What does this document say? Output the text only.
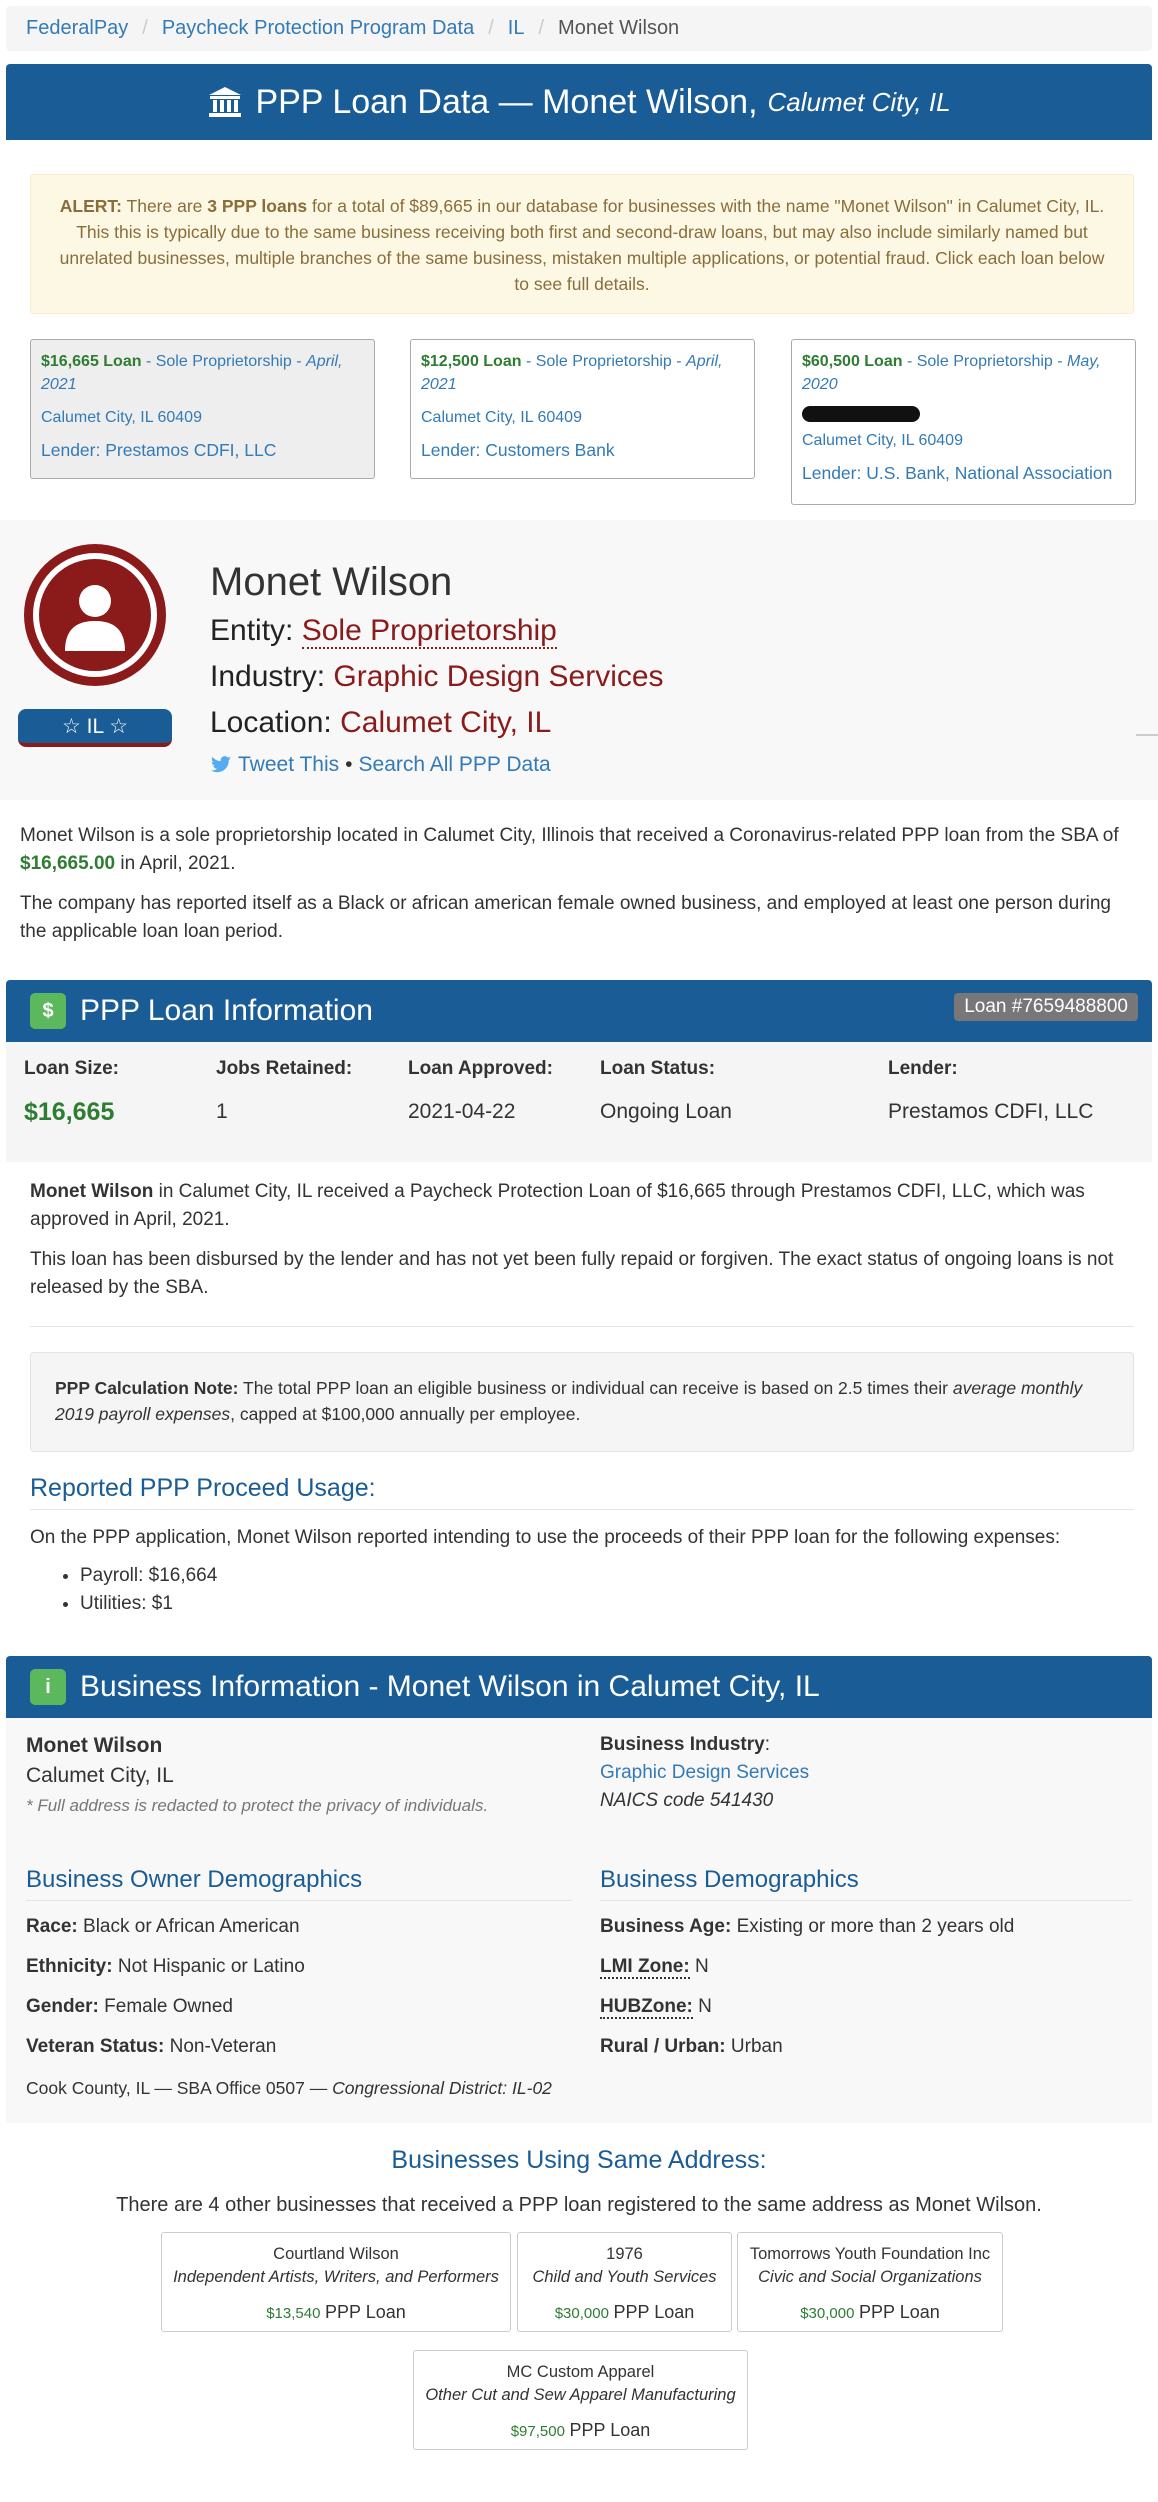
FederalPay / Paycheck Protection Program Data / IL / Monet Wilson
PPP Loan Data — Monet Wilson, Calumet City, IL
ALERT: There are 3 PPP loans for a total of $89,665 in our database for businesses with the name "Monet Wilson" in Calumet City, IL. This this is typically due to the same business receiving both first and second-draw loans, but may also include similarly named but unrelated businesses, multiple branches of the same business, mistaken multiple applications, or potential fraud. Click each loan below to see full details.
$16,665 Loan - Sole Proprietorship - April, 2021
Calumet City, IL 60409
Lender: Prestamos CDFI, LLC
$12,500 Loan - Sole Proprietorship - April, 2021
Calumet City, IL 60409
Lender: Customers Bank
$60,500 Loan - Sole Proprietorship - May, 2020
Calumet City, IL 60409
Lender: U.S. Bank, National Association
☆ IL ☆
Monet Wilson
Entity: Sole Proprietorship
Industry: Graphic Design Services
Location: Calumet City, IL
Tweet This • Search All PPP Data
Monet Wilson is a sole proprietorship located in Calumet City, Illinois that received a Coronavirus-related PPP loan from the SBA of $16,665.00 in April, 2021.
The company has reported itself as a Black or african american female owned business, and employed at least one person during the applicable loan loan period.
$ PPP Loan Information	Loan #7659488800
Loan Size:
$16,665
Jobs Retained:
1
Loan Approved:
2021-04-22
Loan Status:
Ongoing Loan
Lender:
Prestamos CDFI, LLC
Monet Wilson in Calumet City, IL received a Paycheck Protection Loan of $16,665 through Prestamos CDFI, LLC, which was approved in April, 2021.
This loan has been disbursed by the lender and has not yet been fully repaid or forgiven. The exact status of ongoing loans is not released by the SBA.
PPP Calculation Note: The total PPP loan an eligible business or individual can receive is based on 2.5 times their average monthly 2019 payroll expenses, capped at $100,000 annually per employee.
Reported PPP Proceed Usage:
On the PPP application, Monet Wilson reported intending to use the proceeds of their PPP loan for the following expenses:
• Payroll: $16,664
• Utilities: $1
i Business Information - Monet Wilson in Calumet City, IL
Monet Wilson
Calumet City, IL
* Full address is redacted to protect the privacy of individuals.
Business Industry:
Graphic Design Services
NAICS code 541430
Business Owner Demographics	Business Demographics
Race: Black or African American
Ethnicity: Not Hispanic or Latino
Gender: Female Owned
Veteran Status: Non-Veteran
Business Age: Existing or more than 2 years old
LMI Zone: N
HUBZone: N
Rural / Urban: Urban
Cook County, IL — SBA Office 0507 — Congressional District: IL-02
Businesses Using Same Address:
There are 4 other businesses that received a PPP loan registered to the same address as Monet Wilson.
Courtland Wilson
Independent Artists, Writers, and Performers
$13,540 PPP Loan
1976
Child and Youth Services
$30,000 PPP Loan
Tomorrows Youth Foundation Inc
Civic and Social Organizations
$30,000 PPP Loan
MC Custom Apparel
Other Cut and Sew Apparel Manufacturing
$97,500 PPP Loan
